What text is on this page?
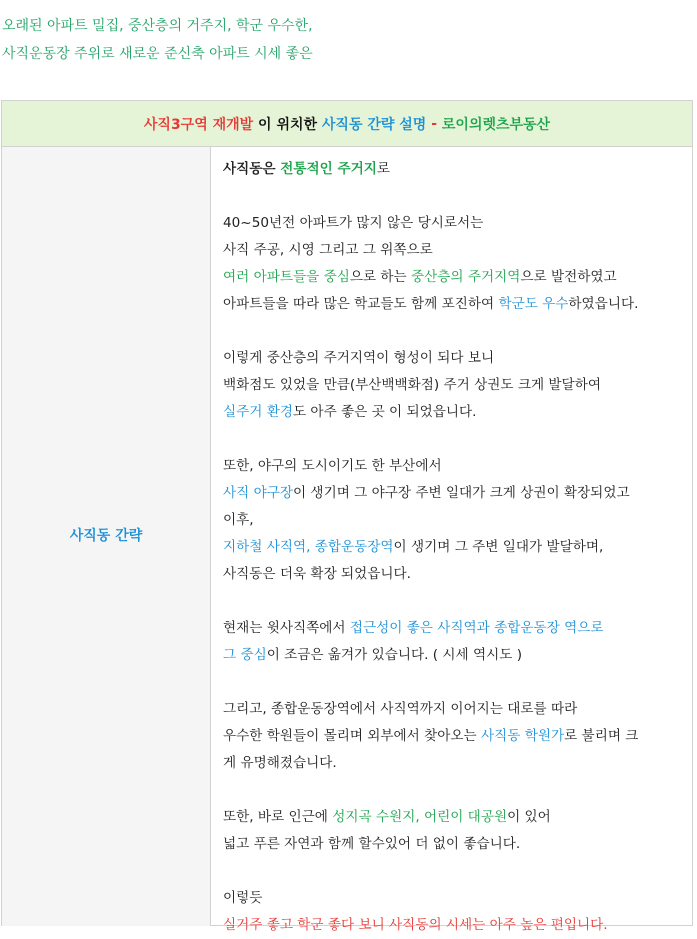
오래된 아파트 밀집, 중산층의 거주지, 학군 우수한,
사직운동장 주위로 새로운 준신축 아파트 시세 좋은
사직3구역 재개발 이 위치한 사직동 간략 설명 - 로이의렛츠부동산
사직동 간략
사직동은 전통적인 주거지로
40~50년전 아파트가 많지 않은 당시로서는
사직 주공, 시영 그리고 그 위쪽으로
여러 아파트들을 중심으로 하는 중산층의 주거지역으로 발전하였고
아파트들을 따라 많은 학교들도 함께 포진하여 학군도 우수하였읍니다.
이렇게 중산층의 주거지역이 형성이 되다 보니
백화점도 있었을 만큼(부산백백화점) 주거 상권도 크게 발달하여
실주거 환경도 아주 좋은 곳 이 되었읍니다.
또한, 야구의 도시이기도 한 부산에서
사직 야구장이 생기며 그 야구장 주변 일대가 크게 상권이 확장되었고
이후,
지하철 사직역, 종합운동장역이 생기며 그 주변 일대가 발달하며,
사직동은 더욱 확장 되었읍니다.
현재는 윗사직쪽에서 접근성이 좋은 사직역과 종합운동장 역으로
그 중심이 조금은 옮겨가 있습니다. ( 시세 역시도 )
그리고, 종합운동장역에서 사직역까지 이어지는 대로를 따라
우수한 학원들이 몰리며 외부에서 찾아오는 사직동 학원가로 불리며 크
게 유명해졌습니다.
또한, 바로 인근에 성지곡 수원지, 어린이 대공원이 있어
넓고 푸른 자연과 함께 할수있어 더 없이 좋습니다.
이렇듯
실거주 좋고 학군 좋다 보니 사직동의 시세는 아주 높은 편입니다.
